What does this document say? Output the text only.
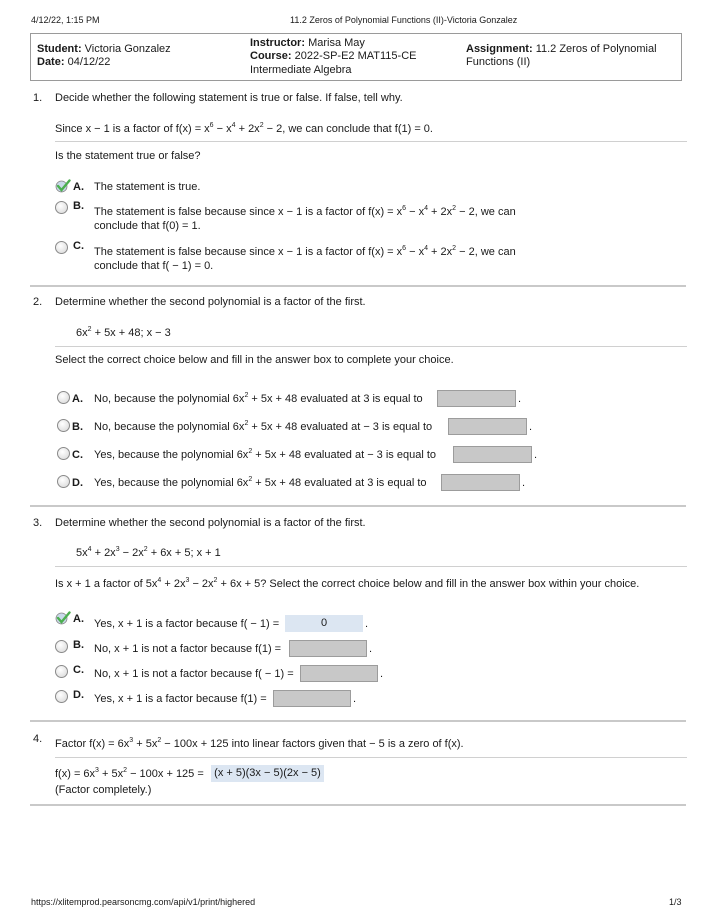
4/12/22, 1:15 PM	11.2 Zeros of Polynomial Functions (II)-Victoria Gonzalez
Student: Victoria Gonzalez
Date: 04/12/22
Instructor: Marisa May
Course: 2022-SP-E2 MAT115-CE
Intermediate Algebra
Assignment: 11.2 Zeros of Polynomial
Functions (II)
1. Decide whether the following statement is true or false. If false, tell why.
Since x − 1 is a factor of $f(x) = x^6 - x^4 + 2x^2 - 2$, we can conclude that f(1) = 0.
Is the statement true or false?
A. The statement is true.
B. The statement is false because since x − 1 is a factor of $f(x) = x^6 - x^4 + 2x^2 - 2$, we can
conclude that f(0) = 1.
C. The statement is false because since x − 1 is a factor of $f(x) = x^6 - x^4 + 2x^2 - 2$, we can
conclude that f( − 1) = 0.
2. Determine whether the second polynomial is a factor of the first.
$6x^2 + 5x + 48$; x − 3
Select the correct choice below and fill in the answer box to complete your choice.
A. No, because the polynomial $6x^2 + 5x + 48$ evaluated at 3 is equal to	.
B. No, because the polynomial $6x^2 + 5x + 48$ evaluated at − 3 is equal to	.
C. Yes, because the polynomial $6x^2 + 5x + 48$ evaluated at − 3 is equal to	.
D. Yes, because the polynomial $6x^2 + 5x + 48$ evaluated at 3 is equal to	.
3. Determine whether the second polynomial is a factor of the first.
$5x^4 + 2x^3 - 2x^2 + 6x + 5$; x + 1
Is x + 1 a factor of $5x^4 + 2x^3 - 2x^2 + 6x + 5$? Select the correct choice below and fill in the answer box within your choice.
A. Yes, x + 1 is a factor because f( − 1) =	0	.
B. No, x + 1 is not a factor because f(1) =	.
C. No, x + 1 is not a factor because f( − 1) =	.
D. Yes, x + 1 is a factor because f(1) =	.
4. Factor $f(x) = 6x^3 + 5x^2 - 100x + 125$ into linear factors given that − 5 is a zero of f(x).
$f(x) = 6x^3 + 5x^2 - 100x + 125 = (x + 5)(3x - 5)(2x - 5)$
(Factor completely.)
https://xlitemprod.pearsoncmg.com/api/v1/print/highered	1/3
